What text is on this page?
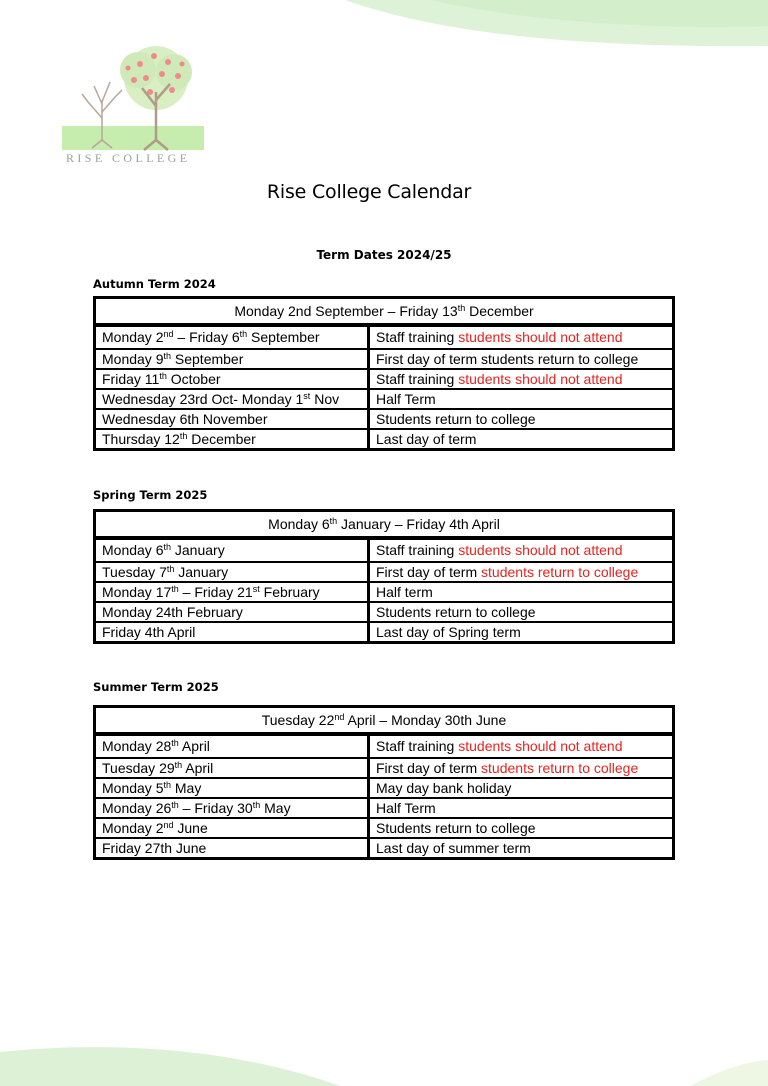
RISE COLLEGE
Rise College Calendar
Term Dates 2024/25
Autumn Term 2024
Monday 2nd September – Friday 13th December
Monday 2nd – Friday 6th September	Staff training students should not attend
Monday 9th September	First day of term students return to college
Friday 11th October	Staff training students should not attend
Wednesday 23rd Oct- Monday 1st Nov	Half Term
Wednesday 6th November	Students return to college
Thursday 12th December	Last day of term
Spring Term 2025
Monday 6th January – Friday 4th April
Monday 6th January	Staff training students should not attend
Tuesday 7th January	First day of term students return to college
Monday 17th – Friday 21st February	Half term
Monday 24th February	Students return to college
Friday 4th April	Last day of Spring term
Summer Term 2025
Tuesday 22nd April – Monday 30th June
Monday 28th April	Staff training students should not attend
Tuesday 29th April	First day of term students return to college
Monday 5th May	May day bank holiday
Monday 26th – Friday 30th May	Half Term
Monday 2nd June	Students return to college
Friday 27th June	Last day of summer term
